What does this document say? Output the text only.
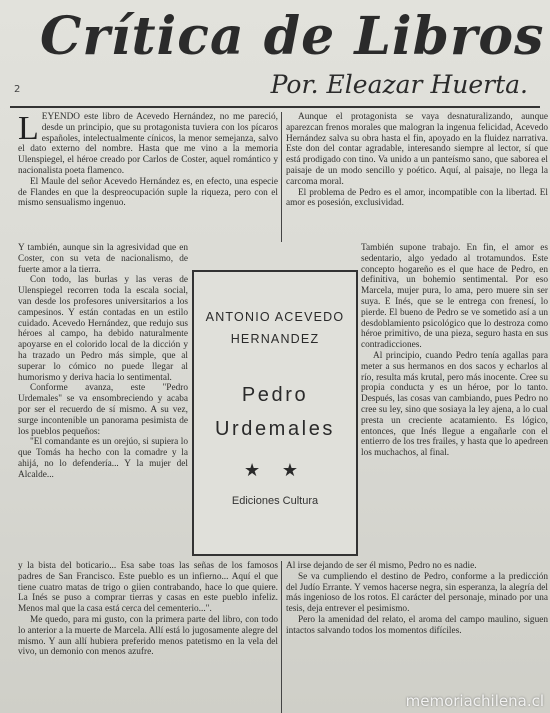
Crítica de Libros
Por. Eleazar Huerta.
2

LEYENDO este libro de Acevedo Hernández, no me pareció, desde un principio, que su protagonista tuviera con los pícaros españoles, intelectualmente cínicos, la menor semejanza, salvo el dato externo del nombre. Hasta que me vino a la memoria Ulenspiegel, el héroe creado por Carlos de Coster, aquel romántico y nacionalista poeta flamenco.

El Maule del señor Acevedo Hernández es, en efecto, una especie de Flandes en que la despreocupación suple la riqueza, pero con el mismo sensualismo ingenuo.

Aunque el protagonista se vaya desnaturalizando, aunque aparezcan frenos morales que malogran la ingenua felicidad, Acevedo Hernández salva su obra hasta el fin, apoyado en la fluidez narrativa. Este don del contar agradable, interesando siempre al lector, sí que está prodigado con tino. Va unido a un panteísmo sano, que saborea el paisaje de un modo sencillo y poético. Aquí, al paisaje, no llega la carcoma moral.

El problema de Pedro es el amor, incompatible con la libertad. El amor es posesión, exclusividad.

Y también, aunque sin la agresividad que en Coster, con su veta de nacionalismo, de fuerte amor a la tierra.

Con todo, las burlas y las veras de Ulenspiegel recorren toda la escala social, van desde los profesores universitarios a los campesinos. Y están contadas en un estilo cuidado. Acevedo Hernández, que redujo sus héroes al campo, ha debido naturalmente apoyarse en el colorido local de la dicción y ha trazado un Pedro más simple, que al superar lo cómico no puede llegar al humorismo y deriva hacia lo sentimental.

Conforme avanza, este "Pedro Urdemales" se va ensombreciendo y acaba por ser el recuerdo de sí mismo. A su vez, surge incontenible un panorama pesimista de los pueblos pequeños:

"El comandante es un orejúo, si supiera lo que Tomás ha hecho con la comadre y la ahijá, no lo defendería... Y la mujer del Alcalde...

ANTONIO ACEVEDO
HERNANDEZ
Pedro
Urdemales
★ ★
Ediciones Cultura

También supone trabajo. En fin, el amor es sedentario, algo yedado al trotamundos. Este concepto hogareño es el que hace de Pedro, en definitiva, un bohemio sentimental. Por eso Marcela, mujer pura, lo ama, pero muere sin ser suya. E Inés, que se le entrega con frenesí, lo pierde. El bueno de Pedro se ve sometido así a un desdoblamiento psicológico que lo destroza como héroe primitivo, de una pieza, seguro hasta en sus contradicciones.

Al principio, cuando Pedro tenía agallas para meter a sus hermanos en dos sacos y echarlos al río, resulta más krutal, pero más inocente. Cree su propia conducta y es un héroe, por lo tanto. Después, las cosas van cambiando, pues Pedro no cree su ley, sino que sosiaya la ley ajena, a lo cual presta un creciente acatamiento. Es lógico, entonces, que Inés llegue a engañarle con el entierro de los tres frailes, y hasta que lo apedreen los muchachos, al final.

y la bista del boticario... Esa sabe toas las señas de los famosos padres de San Francisco. Este pueblo es un infierno... Aquí el que tiene cuatro matas de trigo o giien contrabando, hace lo que quiere. La Inés se puso a comprar tierras y casas en este pueblo infeliz. Menos mal que la casa está cerca del cementerio...".

Me quedo, para mi gusto, con la primera parte del libro, con todo lo anterior a la muerte de Marcela. Allí está lo jugosamente alegre del mismo. Y aun allí hubiera preferido menos patetismo en la vela del vivo, un demonio con menos azufre.

Al irse dejando de ser él mismo, Pedro no es nadie.

Se va cumpliendo el destino de Pedro, conforme a la predicción del Judío Errante. Y vemos hacerse negra, sin esperanza, la alegría del más ingenioso de los rotos. El carácter del personaje, minado por una tesis, deja entrever el pesimismo.

Pero la amenidad del relato, el aroma del campo maulino, siguen intactos salvando todos los momentos difíciles.

memoriachilena.cl
